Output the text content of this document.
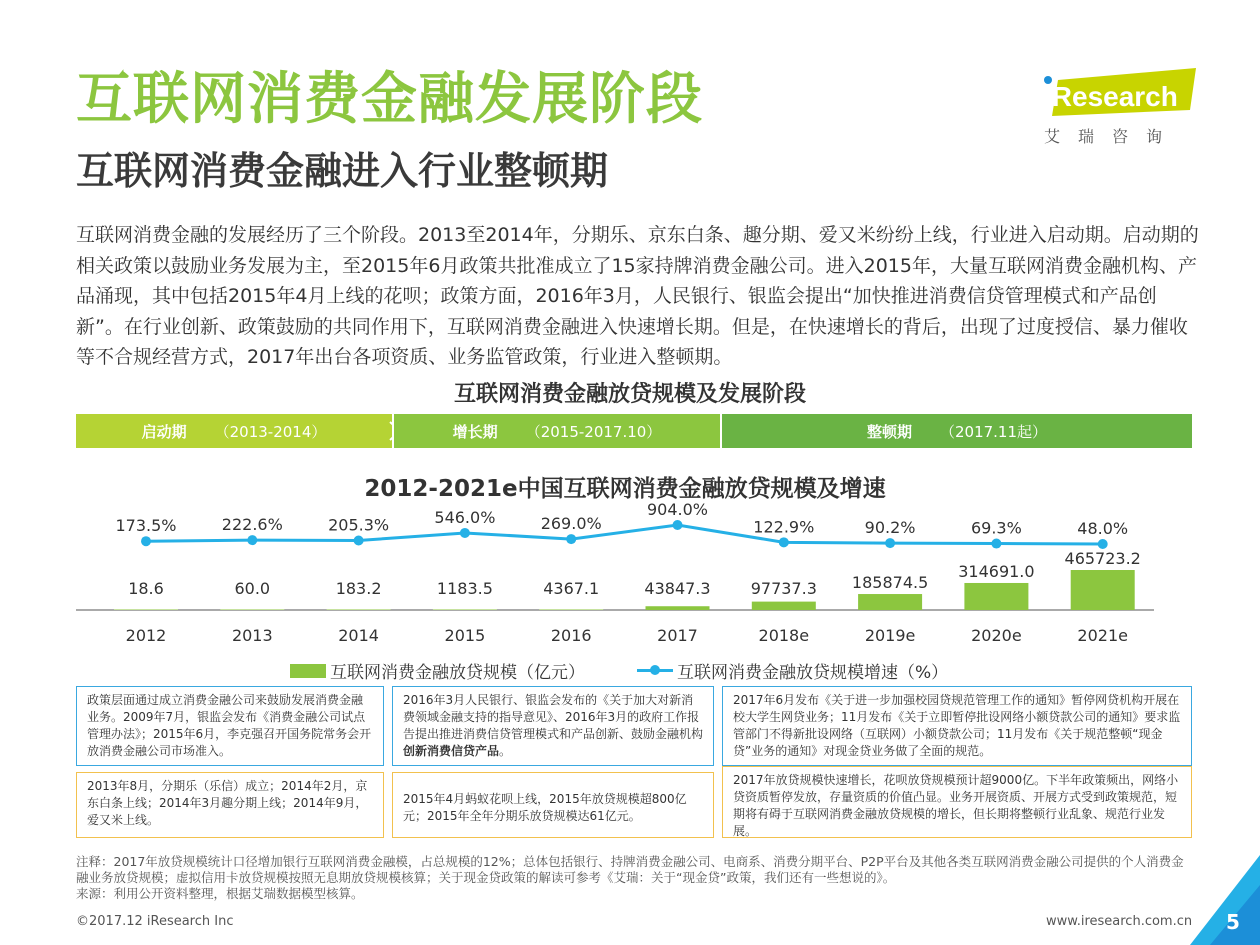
互联网消费金融发展阶段
互联网消费金融进入行业整顿期
iResearch
艾瑞咨询

互联网消费金融的发展经历了三个阶段。2013至2014年，分期乐、京东白条、趣分期、爱又米纷纷上线，行业进入启动期。启动期的相关政策以鼓励业务发展为主，至2015年6月政策共批准成立了15家持牌消费金融公司。进入2015年，大量互联网消费金融机构、产品涌现，其中包括2015年4月上线的花呗；政策方面，2016年3月，人民银行、银监会提出“加快推进消费信贷管理模式和产品创新”。在行业创新、政策鼓励的共同作用下，互联网消费金融进入快速增长期。但是，在快速增长的背后，出现了过度授信、暴力催收等不合规经营方式，2017年出台各项资质、业务监管政策，行业进入整顿期。

互联网消费金融放贷规模及发展阶段
启动期 （2013-2014）	增长期 （2015-2017.10）	整顿期 （2017.11起）
2012-2021e中国互联网消费金融放贷规模及增速
18.6
2012
60.0
2013
183.2
2014
1183.5
2015
4367.1
2016
43847.3
2017
97737.3
2018e
185874.5
2019e
314691.0
2020e
465723.2
2021e
173.5%	222.6%	205.3%	546.0%	269.0%
904.0%
122.9%	90.2%	69.3%	48.0%
互联网消费金融放贷规模（亿元）	互联网消费金融放贷规模增速（%）
政策层面通过成立消费金融公司来鼓励发展消费金融业务。2009年7月，银监会发布《消费金融公司试点管理办法》；2015年6月，李克强召开国务院常务会开放消费金融公司市场准入。
2016年3月人民银行、银监会发布的《关于加大对新消费领域金融支持的指导意见》、2016年3月的政府工作报告提出推进消费信贷管理模式和产品创新、鼓励金融机构创新消费信贷产品。
2017年6月发布《关于进一步加强校园贷规范管理工作的通知》暂停网贷机构开展在校大学生网贷业务；11月发布《关于立即暂停批设网络小额贷款公司的通知》要求监管部门不得新批设网络（互联网）小额贷款公司；11月发布《关于规范整顿“现金贷”业务的通知》对现金贷业务做了全面的规范。
2013年8月，分期乐（乐信）成立；2014年2月，京东白条上线；2014年3月趣分期上线；2014年9月，爱又米上线。
2015年4月蚂蚁花呗上线，2015年放贷规模超800亿元；2015年全年分期乐放贷规模达61亿元。
2017年放贷规模快速增长，花呗放贷规模预计超9000亿。下半年政策频出，网络小贷资质暂停发放，存量资质的价值凸显。业务开展资质、开展方式受到政策规范，短期将有碍于互联网消费金融放贷规模的增长，但长期将整顿行业乱象、规范行业发展。

注释：2017年放贷规模统计口径增加银行互联网消费金融模，占总规模的12%；总体包括银行、持牌消费金融公司、电商系、消费分期平台、P2P平台及其他各类互联网消费金融公司提供的个人消费金融业务放贷规模；虚拟信用卡放贷规模按照无息期放贷规模核算；关于现金贷政策的解读可参考《艾瑞：关于“现金贷”政策，我们还有一些想说的》。
来源：利用公开资料整理，根据艾瑞数据模型核算。

©2017.12 iResearch Inc	www.iresearch.com.cn 5
